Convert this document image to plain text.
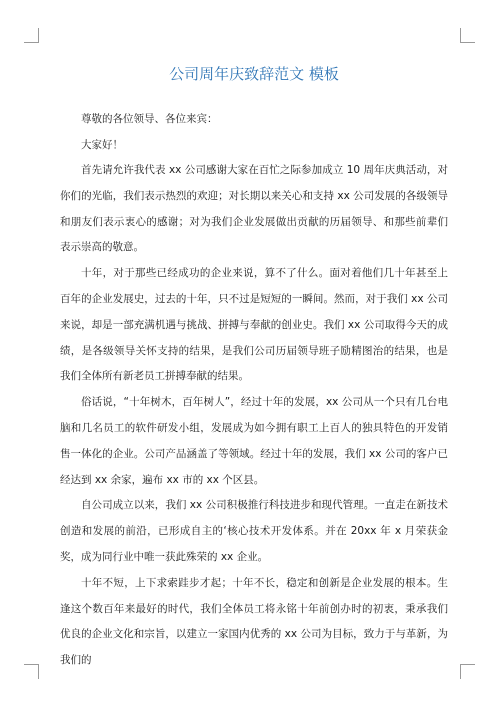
公司周年庆致辞范文 模板

尊敬的各位领导、各位来宾：

大家好！

首先请允许我代表 xx 公司感谢大家在百忙之际参加成立 10 周年庆典活动，对你们的光临，我们表示热烈的欢迎；对长期以来关心和支持 xx 公司发展的各级领导和朋友们表示衷心的感谢；对为我们企业发展做出贡献的历届领导、和那些前辈们表示崇高的敬意。

十年，对于那些已经成功的企业来说，算不了什么。面对着他们几十年甚至上百年的企业发展史，过去的十年，只不过是短短的一瞬间。然而，对于我们 xx 公司来说，却是一部充满机遇与挑战、拼搏与奉献的创业史。我们 xx 公司取得今天的成绩，是各级领导关怀支持的结果，是我们公司历届领导班子励精图治的结果，也是我们全体所有新老员工拼搏奉献的结果。

俗话说，“十年树木，百年树人”，经过十年的发展，xx 公司从一个只有几台电脑和几名员工的软件研发小组，发展成为如今拥有职工上百人的独具特色的开发销售一体化的企业。公司产品涵盖了等领域。经过十年的发展，我们 xx 公司的客户已经达到 xx 余家，遍布 xx 市的 xx 个区县。

自公司成立以来，我们 xx 公司积极推行科技进步和现代管理。一直走在新技术创造和发展的前沿，已形成自主的‘核心技术开发体系。并在 20xx 年 x 月荣获金奖，成为同行业中唯一获此殊荣的 xx 企业。

十年不短，上下求索跬步才起；十年不长，稳定和创新是企业发展的根本。生逢这个数百年来最好的时代，我们全体员工将永铭十年前创办时的初衷，秉承我们优良的企业文化和宗旨，以建立一家国内优秀的 xx 公司为目标，致力于与革新，为我们的
